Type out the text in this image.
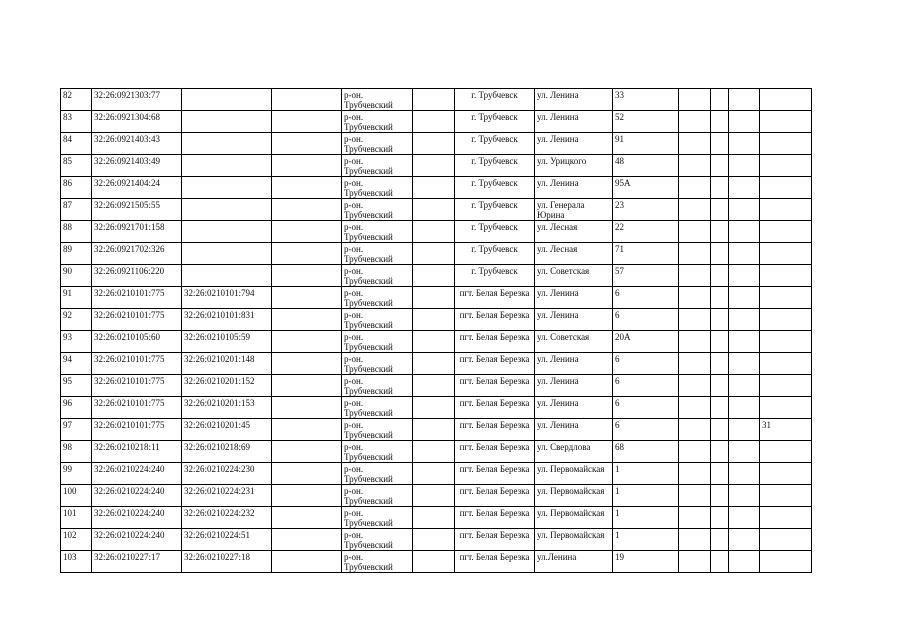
82	32:26:0921303:77			р-он. Трубчевский		г. Трубчевск	ул. Ленина	33				
83	32:26:0921304:68			р-он. Трубчевский		г. Трубчевск	ул. Ленина	52				
84	32:26:0921403:43			р-он. Трубчевский		г. Трубчевск	ул. Ленина	91				
85	32:26:0921403:49			р-он. Трубчевский		г. Трубчевск	ул. Урицкого	48				
86	32:26:0921404:24			р-он. Трубчевский		г. Трубчевск	ул. Ленина	95А				
87	32:26:0921505:55			р-он. Трубчевский		г. Трубчевск	ул. Генерала Юрина	23				
88	32:26:0921701:158			р-он. Трубчевский		г. Трубчевск	ул. Лесная	22				
89	32:26:0921702:326			р-он. Трубчевский		г. Трубчевск	ул. Лесная	71				
90	32:26:0921106:220			р-он. Трубчевский		г. Трубчевск	ул. Советская	57				
91	32:26:0210101:775	32:26:0210101:794		р-он. Трубчевский		пгт. Белая Березка	ул. Ленина	6				
92	32:26:0210101:775	32:26:0210101:831		р-он. Трубчевский		пгт. Белая Березка	ул. Ленина	6				
93	32:26:0210105:60	32:26:0210105:59		р-он. Трубчевский		пгт. Белая Березка	ул. Советская	20А				
94	32:26:0210101:775	32:26:0210201:148		р-он. Трубчевский		пгт. Белая Березка	ул. Ленина	6				
95	32:26:0210101:775	32:26:0210201:152		р-он. Трубчевский		пгт. Белая Березка	ул. Ленина	6				
96	32:26:0210101:775	32:26:0210201:153		р-он. Трубчевский		пгт. Белая Березка	ул. Ленина	6				
97	32:26:0210101:775	32:26:0210201:45		р-он. Трубчевский		пгт. Белая Березка	ул. Ленина	6				31
98	32:26:0210218:11	32:26:0210218:69		р-он. Трубчевский		пгт. Белая Березка	ул. Свердлова	68				
99	32:26:0210224:240	32:26:0210224:230		р-он. Трубчевский		пгт. Белая Березка	ул. Первомайская	1				
100	32:26:0210224:240	32:26:0210224:231		р-он. Трубчевский		пгт. Белая Березка	ул. Первомайская	1				
101	32:26:0210224:240	32:26:0210224:232		р-он. Трубчевский		пгт. Белая Березка	ул. Первомайская	1				
102	32:26:0210224:240	32:26:0210224:51		р-он. Трубчевский		пгт. Белая Березка	ул. Первомайская	1				
103	32:26:0210227:17	32:26:0210227:18		р-он. Трубчевский		пгт. Белая Березка	ул.Ленина	19				
